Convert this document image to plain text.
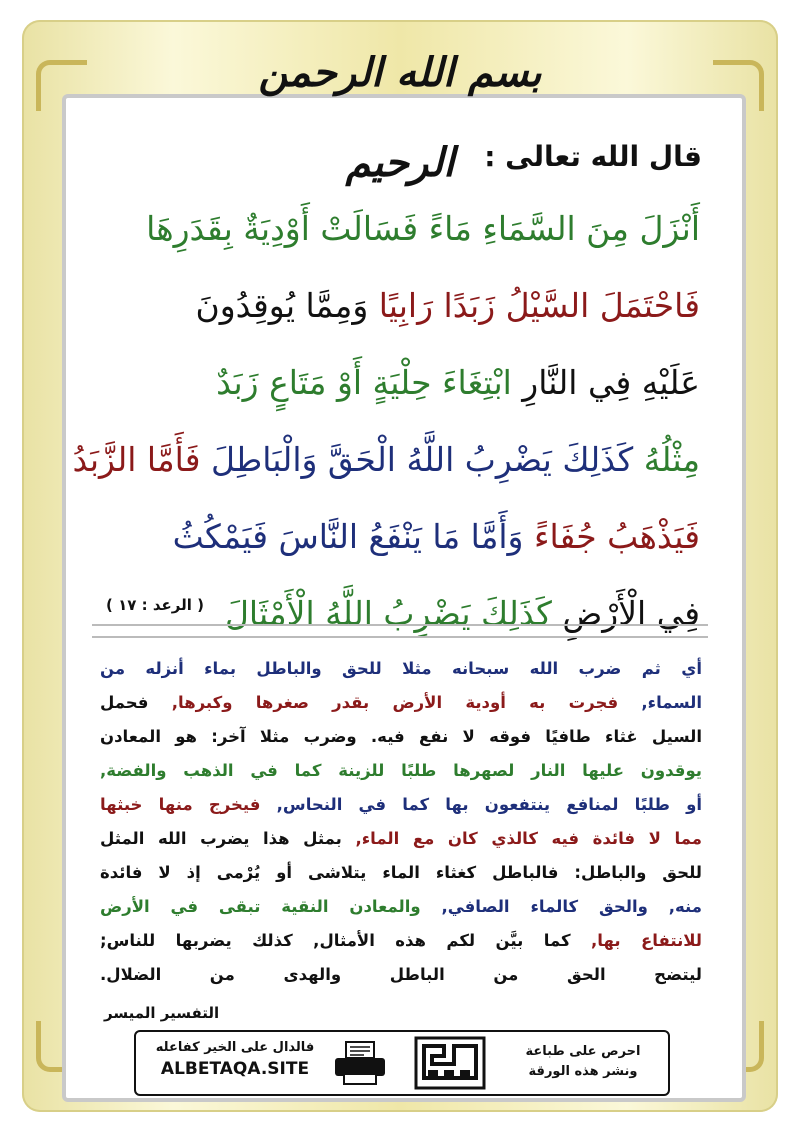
بسم الله الرحمن الرحيم	قال الله تعالى :
أَنْزَلَ مِنَ السَّمَاءِ مَاءً فَسَالَتْ أَوْدِيَةٌ بِقَدَرِهَا
فَاحْتَمَلَ السَّيْلُ زَبَدًا رَابِيًا وَمِمَّا يُوقِدُونَ
عَلَيْهِ فِي النَّارِ ابْتِغَاءَ حِلْيَةٍ أَوْ مَتَاعٍ زَبَدٌ
مِثْلُهُ كَذَلِكَ يَضْرِبُ اللَّهُ الْحَقَّ وَالْبَاطِلَ فَأَمَّا الزَّبَدُ
فَيَذْهَبُ جُفَاءً وَأَمَّا مَا يَنْفَعُ النَّاسَ فَيَمْكُثُ
فِي الْأَرْضِ كَذَلِكَ يَضْرِبُ اللَّهُ الْأَمْثَالَ
( الرعد : ١٧ )
أي ثم ضرب الله سبحانه مثلا للحق والباطل بماء أنزله من
السماء, فجرت به أودية الأرض بقدر صغرها وكبرها, فحمل
السيل غثاء طافيًا فوقه لا نفع فيه. وضرب مثلا آخر: هو المعادن
يوقدون عليها النار لصهرها طلبًا للزينة كما في الذهب والفضة,
أو طلبًا لمنافع ينتفعون بها كما في النحاس, فيخرج منها خبثها
مما لا فائدة فيه كالذي كان مع الماء, بمثل هذا يضرب الله المثل
للحق والباطل: فالباطل كغثاء الماء يتلاشى أو يُرْمى إذ لا فائدة
منه, والحق كالماء الصافي, والمعادن النقية تبقى في الأرض
للانتفاع بها, كما بيَّن لكم هذه الأمثال, كذلك يضربها للناس;
ليتضح الحق من الباطل والهدى من الضلال.
التفسير الميسر
فالدال على الخير كفاعله
ALBETAQA.SITE
احرص على طباعة
ونشر هذه الورقة
